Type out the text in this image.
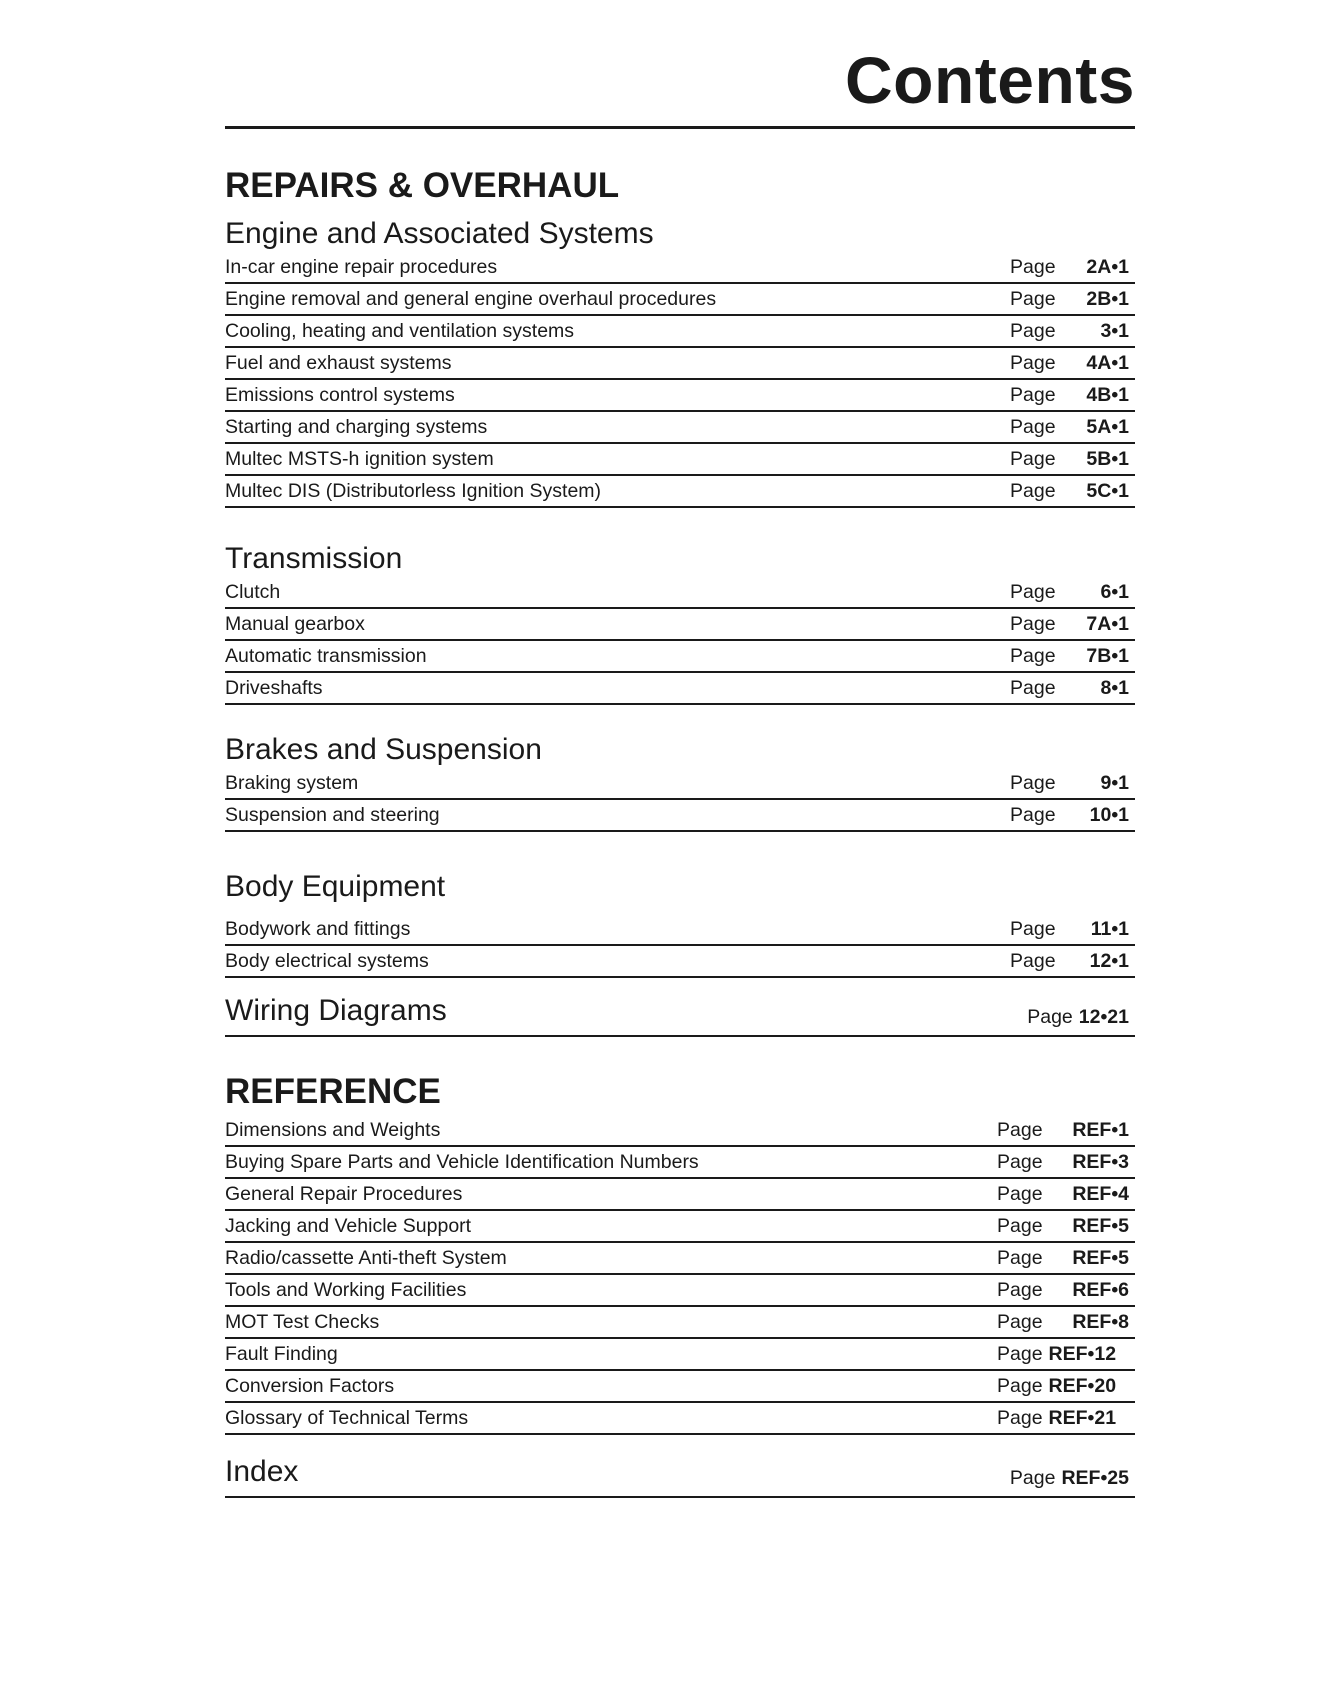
Contents
REPAIRS & OVERHAUL
Engine and Associated Systems
In-car engine repair procedures	Page 2A•1
Engine removal and general engine overhaul procedures	Page 2B•1
Cooling, heating and ventilation systems	Page 3•1
Fuel and exhaust systems	Page 4A•1
Emissions control systems	Page 4B•1
Starting and charging systems	Page 5A•1
Multec MSTS-h ignition system	Page 5B•1
Multec DIS (Distributorless Ignition System)	Page 5C•1
Transmission
Clutch	Page 6•1
Manual gearbox	Page 7A•1
Automatic transmission	Page 7B•1
Driveshafts	Page 8•1
Brakes and Suspension
Braking system	Page 9•1
Suspension and steering	Page 10•1
Body Equipment
Bodywork and fittings	Page 11•1
Body electrical systems	Page 12•1
Wiring Diagrams	Page 12•21
REFERENCE
Dimensions and Weights	Page REF•1
Buying Spare Parts and Vehicle Identification Numbers	Page REF•3
General Repair Procedures	Page REF•4
Jacking and Vehicle Support	Page REF•5
Radio/cassette Anti-theft System	Page REF•5
Tools and Working Facilities	Page REF•6
MOT Test Checks	Page REF•8
Fault Finding	Page REF•12
Conversion Factors	Page REF•20
Glossary of Technical Terms	Page REF•21
Index	Page REF•25
